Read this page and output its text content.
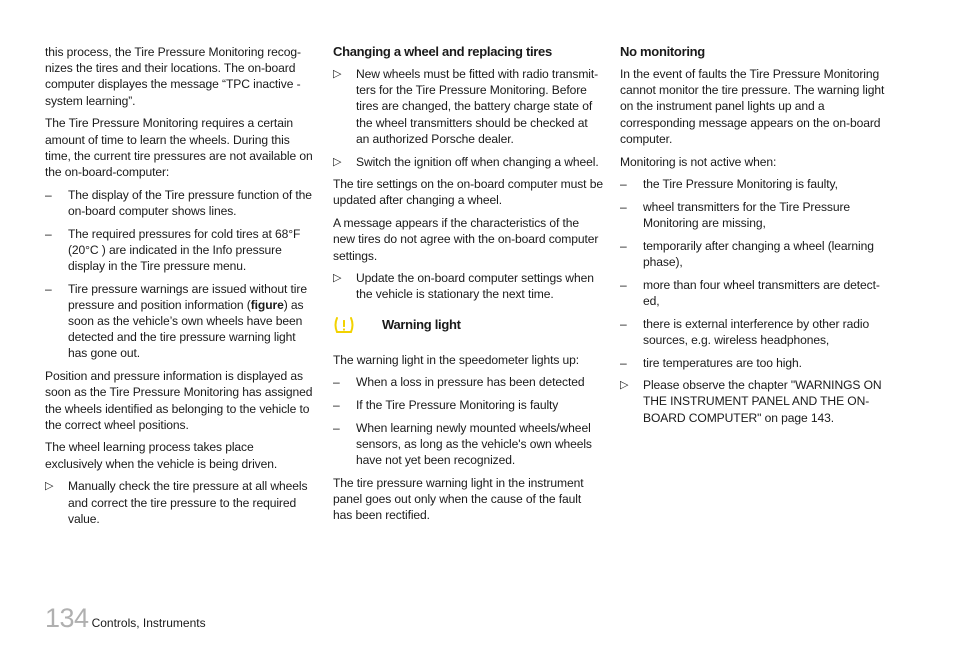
this process, the Tire Pressure Monitoring recog-nizes the tires and their locations. The on-board computer displayes the message “TPC inactive - system learning”.

The Tire Pressure Monitoring requires a certain amount of time to learn the wheels. During this time, the current tire pressures are not available on the on-board-computer:

– The display of the Tire pressure function of the on-board computer shows lines.
– The required pressures for cold tires at 68°F (20°C ) are indicated in the Info pressure display in the Tire pressure menu.
– Tire pressure warnings are issued without tire pressure and position information (figure) as soon as the vehicle’s own wheels have been detected and the tire pressure warning light has gone out.

Position and pressure information is displayed as soon as the Tire Pressure Monitoring has assigned the wheels identified as belonging to the vehicle to the correct wheel positions.

The wheel learning process takes place exclusively when the vehicle is being driven.

▷ Manually check the tire pressure at all wheels and correct the tire pressure to the required value.
Changing a wheel and replacing tires
▷ New wheels must be fitted with radio transmit-ters for the Tire Pressure Monitoring. Before tires are changed, the battery charge state of the wheel transmitters should be checked at an authorized Porsche dealer.
▷ Switch the ignition off when changing a wheel.

The tire settings on the on-board computer must be updated after changing a wheel.

A message appears if the characteristics of the new tires do not agree with the on-board computer settings.

▷ Update the on-board computer settings when the vehicle is stationary the next time.
Warning light

The warning light in the speedometer lights up:

– When a loss in pressure has been detected
– If the Tire Pressure Monitoring is faulty
– When learning newly mounted wheels/wheel sensors, as long as the vehicle's own wheels have not yet been recognized.

The tire pressure warning light in the instrument panel goes out only when the cause of the fault has been rectified.

No monitoring

In the event of faults the Tire Pressure Monitoring cannot monitor the tire pressure. The warning light on the instrument panel lights up and a corresponding message appears on the on-board computer.

Monitoring is not active when:

– the Tire Pressure Monitoring is faulty,
– wheel transmitters for the Tire Pressure Monitoring are missing,
– temporarily after changing a wheel (learning phase),
– more than four wheel transmitters are detect-ed,
– there is external interference by other radio sources, e.g. wireless headphones,
– tire temperatures are too high.
▷ Please observe the chapter "WARNINGS ON THE INSTRUMENT PANEL AND THE ON-BOARD COMPUTER" on page 143.
134 Controls, Instruments
